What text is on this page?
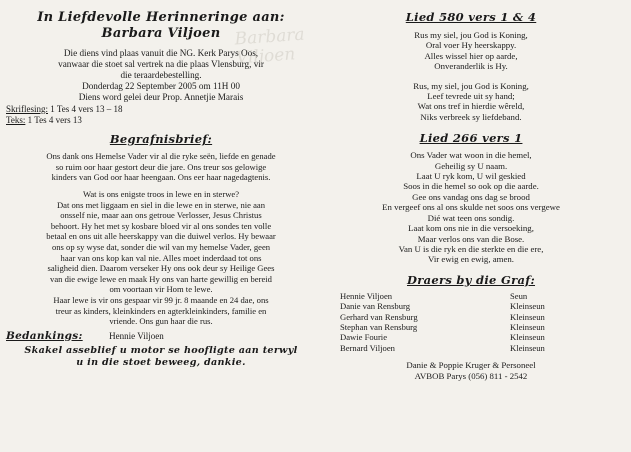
Barbara Viljoen
In Liefdevolle Herinneringe aan:
Barbara Viljoen
Die diens vind plaas vanuit die NG. Kerk Parys Oos,
vanwaar die stoet sal vertrek na die plaas Vlensburg, vir
die teraardebestelling.
Donderdag 22 September 2005 om 11H 00
Diens word gelei deur Prop. Annetjie Marais
Skriflesing: 1 Tes 4 vers 13 – 18
Teks: 1 Tes 4 vers 13
Begrafnisbrief:

Ons dank ons Hemelse Vader vir al die ryke seën, liefde en genade

so ruim oor haar gestort deur die jare. Ons treur sos gelowige

kinders van God oor haar heengaan. Ons eer haar nagedagtenis.

Wat is ons enigste troos in lewe en in sterwe?

Dat ons met liggaam en siel in die lewe en in sterwe, nie aan

onsself nie, maar aan ons getroue Verlosser, Jesus Christus

behoort. Hy het met sy kosbare bloed vir al ons sondes ten volle

betaal en ons uit alle heerskappy van die duiwel verlos. Hy bewaar

ons op sy wyse dat, sonder die wil van my hemelse Vader, geen

haar van ons kop kan val nie. Alles moet inderdaad tot ons

saligheid dien. Daarom verseker Hy ons ook deur sy Heilige Gees

van die ewige lewe en maak Hy ons van harte gewillig en bereid

om voortaan vir Hom te lewe.

Haar lewe is vir ons gespaar vir 99 jr. 8 maande en 24 dae, ons

treur as kinders, kleinkinders en agterkleinkinders, familie en

vriende. Ons gun haar die rus.

Bedankings:	Hennie Viljoen
Skakel asseblief u motor se hoofligte aan terwyl
u in die stoet beweeg, dankie.
Lied 580 vers 1 & 4
Rus my siel, jou God is Koning,
Oral voer Hy heerskappy.
Alles wissel hier op aarde,
Onveranderlik is Hy.
Rus, my siel, jou God is Koning,
Leef tevrede uit sy hand;
Wat ons tref in hierdie wêreld,
Niks verbreek sy liefdeband.
Lied 266 vers 1
Ons Vader wat woon in die hemel,
Geheilig sy U naam.
Laat U ryk kom, U wil geskied
Soos in die hemel so ook op die aarde.
Gee ons vandag ons dag se brood
En vergeef ons al ons skulde net soos ons vergewe
Dié wat teen ons sondig.
Laat kom ons nie in die versoeking,
Maar verlos ons van die Bose.
Van U is die ryk en die sterkte en die ere,
Vir ewig en ewig, amen.
Draers by die Graf:
Hennie Viljoen	Seun
Danie van Rensburg	Kleinseun
Gerhard van Rensburg	Kleinseun
Stephan van Rensburg	Kleinseun
Dawie Fourie	Kleinseun
Bernard Viljoen	Kleinseun
Danie & Poppie Kruger & Personeel
AVBOB Parys (056) 811 - 2542
